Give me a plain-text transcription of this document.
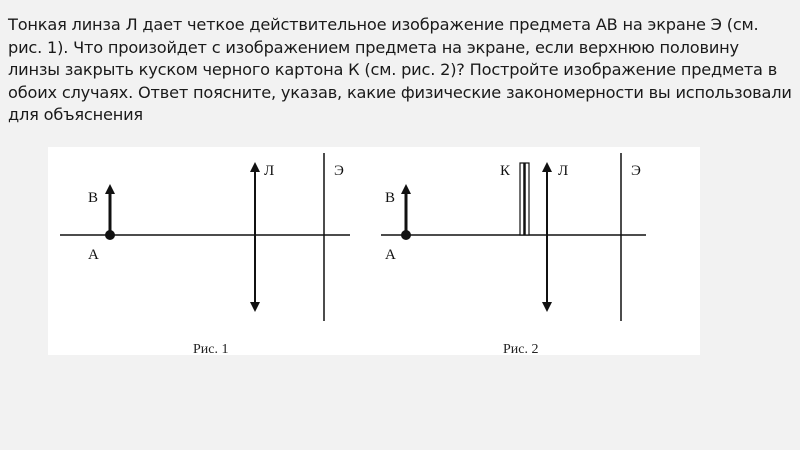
Тонкая линза Л дает четкое действительное изображение предмета АВ на экране Э (см. рис. 1). Что произойдет с изображением предмета на экране, если верхнюю половину линзы закрыть куском черного картона К (см. рис. 2)? Постройте изображение предмета в обоих случаях. Ответ поясните, указав, какие физические закономерности вы использовали для объяснения
В
А
Л	Э
Рис. 1
В
А
К	Л	Э
Рис. 2
